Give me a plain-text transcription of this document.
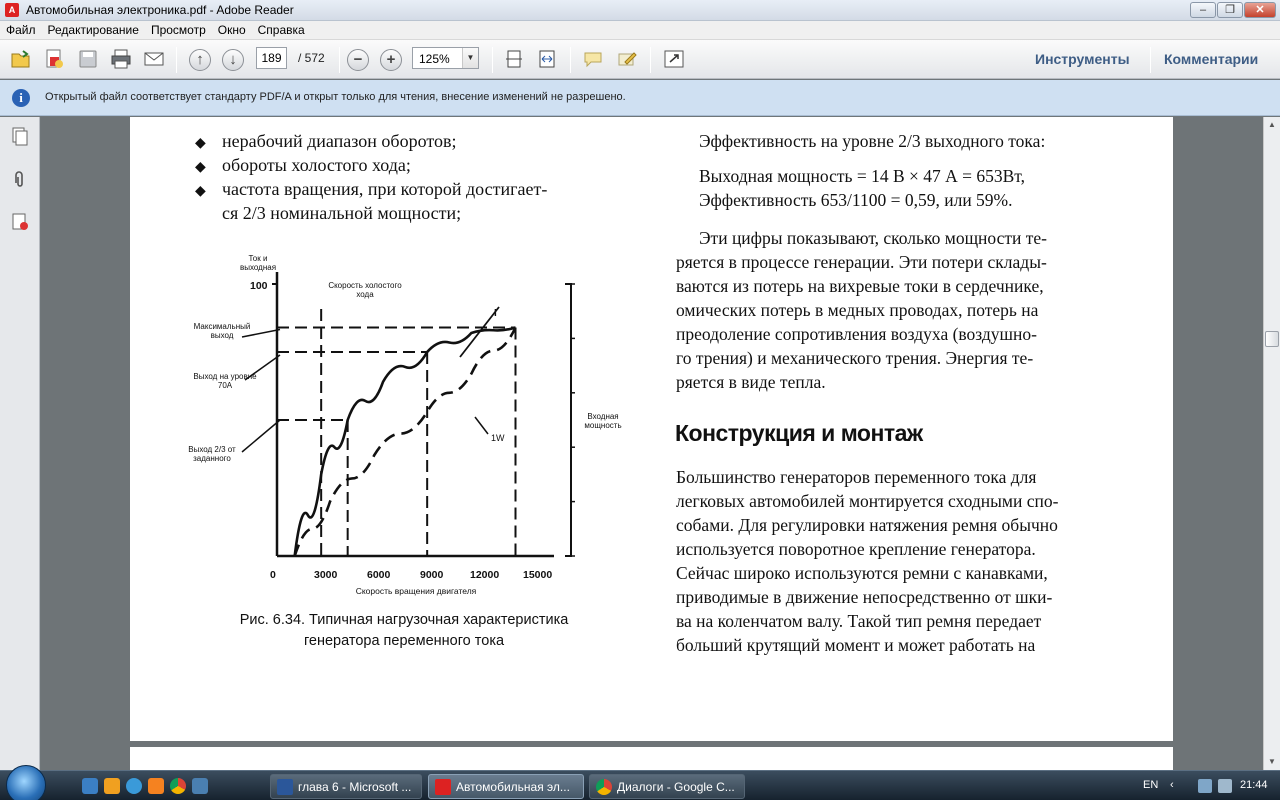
A Автомобильная электроника.pdf - Adobe Reader	–	❐	✕
Файл Редактирование Просмотр Окно Справка
↑	↓	−	+	Инструменты Комментарии
189
/ 572	125%	▼
i	Открытый файл соответствует стандарту PDF/A и открыт только для чтения, внесение изменений не разрешено.
◆ нерабочий диапазон оборотов;
◆ обороты холостого хода;
◆ частота вращения, при которой достигает-
ся 2/3 номинальной мощности;
Ток и выходная
100	Скорость холостого хода
Максимальный выход
Выход на уровне 70А
Выход 2/3 от заданного
Входная мощность
1W
I
0	3000	6000	9000	12000 15000
Скорость вращения двигателя
Рис. 6.34. Типичная нагрузочная характеристика
генератора переменного тока
Эффективность на уровне 2/3 выходного тока:
Выходная мощность = 14 В × 47 А = 653Вт,
Эффективность 653/1100 = 0,59, или 59%.
Эти цифры показывают, сколько мощности те-
ряется в процессе генерации. Эти потери склады-
ваются из потерь на вихревые токи в сердечнике,
омических потерь в медных проводах, потерь на
преодоление сопротивления воздуха (воздушно-
го трения) и механического трения. Энергия те-
ряется в виде тепла.
Конструкция и монтаж
Большинство генераторов переменного тока для
легковых автомобилей монтируется сходными спо-
собами. Для регулировки натяжения ремня обычно
используется поворотное крепление генератора.
Сейчас широко используются ремни с канавками,
приводимые в движение непосредственно от шки-
ва на коленчатом валу. Такой тип ремня передает
больший крутящий момент и может работать на
▲
▼
глава 6 - Microsoft ...	Автомобильная эл...	Диалоги - Google C...	EN ‹	21:44
